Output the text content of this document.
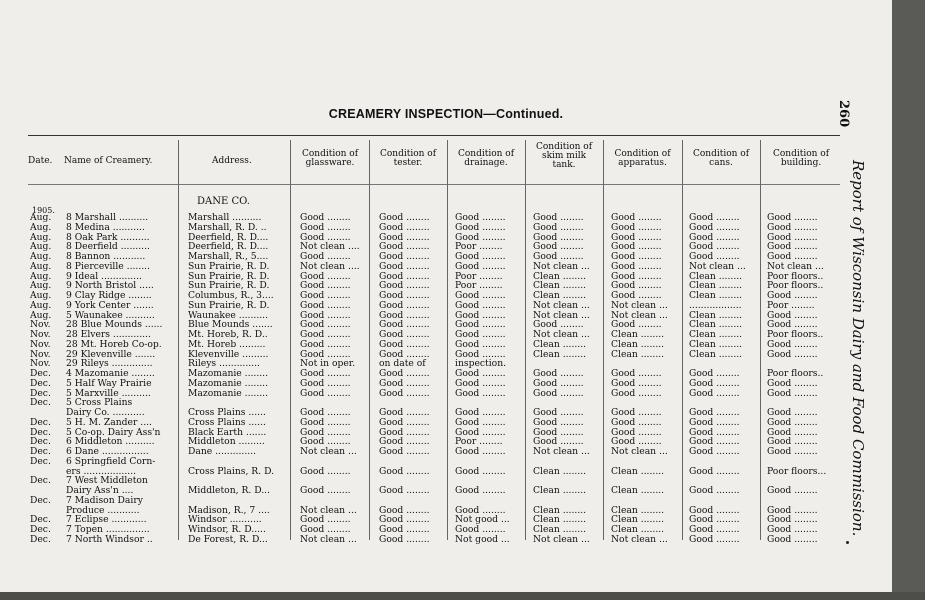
CREAMERY INSPECTION—Continued.
Report of Wisconsin Dairy and Food Commission.
260
Date. Name of Creamery.	Address.
Condition of
glassware.
Condition of
tester.
Condition of
drainage.
Condition of
skim milk
tank.
Condition of
apparatus.
Condition of
cans.
Condition of
building.
DANE CO.
1905.
Aug.	8 Marshall ..........	Marshall ..........	Good ........	Good ........	Good ........	Good ........	Good ........	Good ........	Good ........
Aug.	8 Medina ...........	Marshall, R. D. ..	Good ........	Good ........	Good ........	Good ........	Good ........	Good ........	Good ........
Aug.	8 Oak Park ..........	Deerfield, R. D....	Good ........	Good ........	Good ........	Good ........	Good ........	Good ........	Good ........
Aug.	8 Deerfield ..........	Deerfield, R. D....	Not clean ....	Good ........	Poor ........	Good ........	Good ........	Good ........	Good ........
Aug.	8 Bannon ...........	Marshall, R., 5....	Good ........	Good ........	Good ........	Good ........	Good ........	Good ........	Good ........
Aug.	8 Pierceville ........	Sun Prairie, R. D.	Not clean ....	Good ........	Good ........	Not clean ...	Good ........	Not clean ...	Not clean ...
Aug.	9 Ideal ..............	Sun Prairie, R. D.	Good ........	Good ........	Poor ........	Clean ........	Good ........	Clean ........	Poor floors..
Aug.	9 North Bristol .....	Sun Prairie, R. D.	Good ........	Good ........	Poor ........	Clean ........	Good ........	Clean ........	Poor floors..
Aug.	9 Clay Ridge ........	Columbus, R., 3....	Good ........	Good ........	Good ........	Clean ........	Good ........	Clean ........	Good ........
Aug.	9 York Center .......	Sun Prairie, R. D.	Good ........	Good ........	Good ........	Not clean ...	Not clean ...	..................	Poor ........
Aug.	5 Waunakee ..........	Waunakee ..........	Good ........	Good ........	Good ........	Not clean ...	Not clean ...	Clean ........	Good ........
Nov.	28 Blue Mounds ......	Blue Mounds .......	Good ........	Good ........	Good ........	Good ........	Good ........	Clean ........	Good ........
Nov.	28 Elvers .............	Mt. Horeb, R. D..	Good ........	Good ........	Good ........	Not clean ...	Clean ........	Clean ........	Poor floors..
Nov.	28 Mt. Horeb Co-op.	Mt. Horeb .........	Good ........	Good ........	Good ........	Clean ........	Clean ........	Clean ........	Good ........
Nov.	29 Klevenville .......	Klevenville .........	Good ........	Good ........	Good ........	Clean ........	Clean ........	Clean ........	Good ........
Nov.	29 Rileys ..............	Rileys ..............	Not in oper.	on date of	inspection.
Dec.	4 Mazomanie ........	Mazomanie ........	Good ........	Good ........	Good ........	Good ........	Good ........	Good ........	Poor floors..
Dec.	5 Half Way Prairie	Mazomanie ........	Good ........	Good ........	Good ........	Good ........	Good ........	Good ........	Good ........
Dec.	5 Marxville ..........	Mazomanie ........	Good ........	Good ........	Good ........	Good ........	Good ........	Good ........	Good ........
Dec.	5 Cross Plains
Dairy Co. ...........	Cross Plains ......	Good ........	Good ........	Good ........	Good ........	Good ........	Good ........	Good ........
Dec.	5 H. M. Zander ....	Cross Plains ......	Good ........	Good ........	Good ........	Good ........	Good ........	Good ........	Good ........
Dec.	5 Co-op. Dairy Ass'n	Black Earth .......	Good ........	Good ........	Good ........	Good ........	Good ........	Good ........	Good ........
Dec.	6 Middleton ..........	Middleton .........	Good ........	Good ........	Poor ........	Good ........	Good ........	Good ........	Good ........
Dec.	6 Dane ................	Dane ..............	Not clean ...	Good ........	Good ........	Not clean ...	Not clean ...	Good ........	Good ........
Dec.	6 Springfield Corn-
ers ..................	Cross Plains, R. D.	Good ........	Good ........	Good ........	Clean ........	Clean ........	Good ........	Poor floors...
Dec.	7 West Middleton
Dairy Ass'n ....	Middleton, R. D...	Good ........	Good ........	Good ........	Clean ........	Clean ........	Good ........	Good ........
Dec.	7 Madison Dairy
Produce ...........	Madison, R., 7 ....	Not clean ...	Good ........	Good ........	Clean ........	Clean ........	Good ........	Good ........
Dec.	7 Eclipse ............	Windsor ...........	Good ........	Good ........	Not good ...	Clean ........	Clean ........	Good ........	Good ........
Dec.	7 Topen ...............	Windsor, R. D.....	Good ........	Good ........	Good ........	Clean ........	Clean ........	Good ........	Good ........
Dec.	7 North Windsor ..	De Forest, R. D...	Not clean ...	Good ........	Not good ...	Not clean ...	Not clean ...	Good ........	Good ........
